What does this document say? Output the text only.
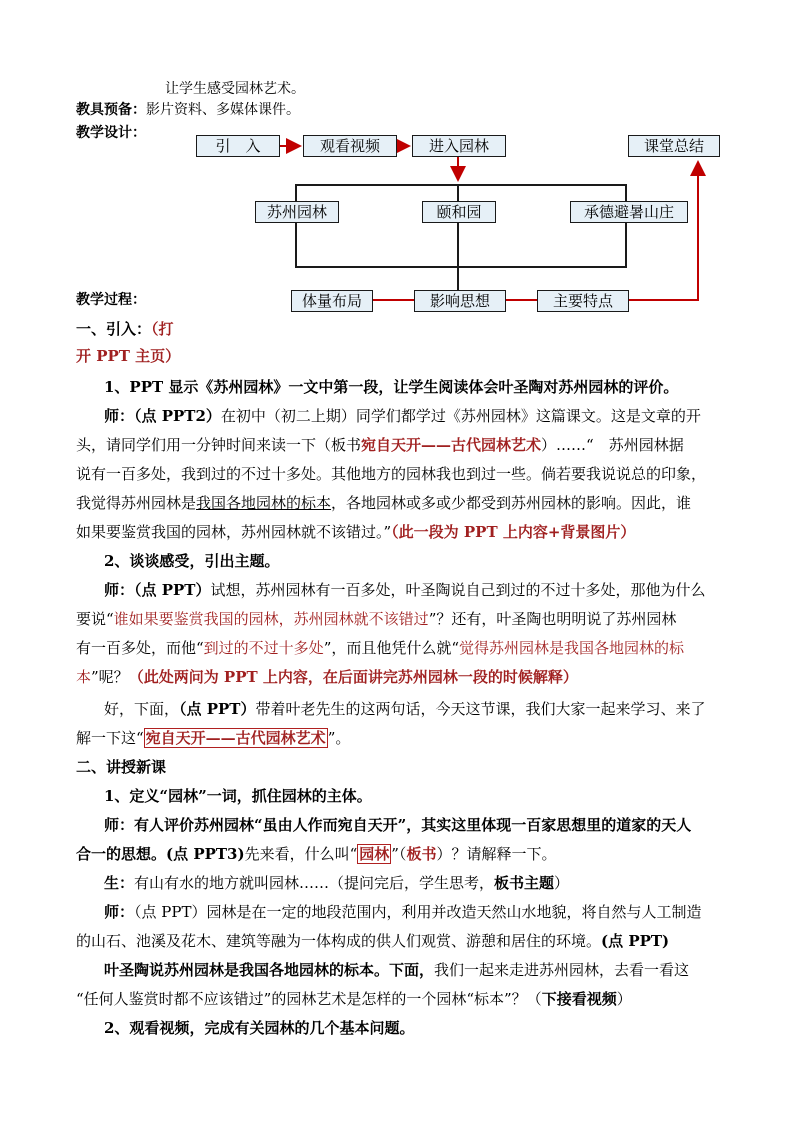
让学生感受园林艺术。
教具预备：影片资料、多媒体课件。
教学设计：
引　入	观看视频	进入园林	课堂总结
苏州园林	颐和园	承德避暑山庄
体量布局	影响思想	主要特点
教学过程：
一、引入：（打
开 PPT 主页）
1、PPT 显示《苏州园林》一文中第一段，让学生阅读体会叶圣陶对苏州园林的评价。
师：（点 PPT2）在初中（初二上期）同学们都学过《苏州园林》这篇课文。这是文章的开
头，请同学们用一分钟时间来读一下（板书宛自天开——古代园林艺术）……“　苏州园林据
说有一百多处，我到过的不过十多处。其他地方的园林我也到过一些。倘若要我说说总的印象，
我觉得苏州园林是我国各地园林的标本，各地园林或多或少都受到苏州园林的影响。因此，谁
如果要鉴赏我国的园林，苏州园林就不该错过。”（此一段为 PPT 上内容+背景图片）
2、谈谈感受，引出主题。
师：（点 PPT）试想，苏州园林有一百多处，叶圣陶说自己到过的不过十多处，那他为什么
要说“谁如果要鉴赏我国的园林，苏州园林就不该错过”？还有，叶圣陶也明明说了苏州园林
有一百多处，而他“到过的不过十多处”，而且他凭什么就“觉得苏州园林是我国各地园林的标
本”呢？（此处两问为 PPT 上内容，在后面讲完苏州园林一段的时候解释）
好，下面，（点 PPT）带着叶老先生的这两句话，今天这节课，我们大家一起来学习、来了
解一下这“ 宛自天开——古代园林艺术 ”。
二、讲授新课
1、定义“园林”一词，抓住园林的主体。
师：有人评价苏州园林“虽由人作而宛自天开”，其实这里体现一百家思想里的道家的天人
合一的思想。(点 PPT3)先来看，什么叫“ 园林 ”（板书）？请解释一下。
生：有山有水的地方就叫园林……（提问完后，学生思考，板书主题）
师：（点 PPT）园林是在一定的地段范围内，利用并改造天然山水地貌，将自然与人工制造
的山石、池溪及花木、建筑等融为一体构成的供人们观赏、游憩和居住的环境。(点 PPT)
叶圣陶说苏州园林是我国各地园林的标本。下面，我们一起来走进苏州园林，去看一看这
“任何人鉴赏时都不应该错过”的园林艺术是怎样的一个园林“标本”？（下接看视频）
2、观看视频，完成有关园林的几个基本问题。
